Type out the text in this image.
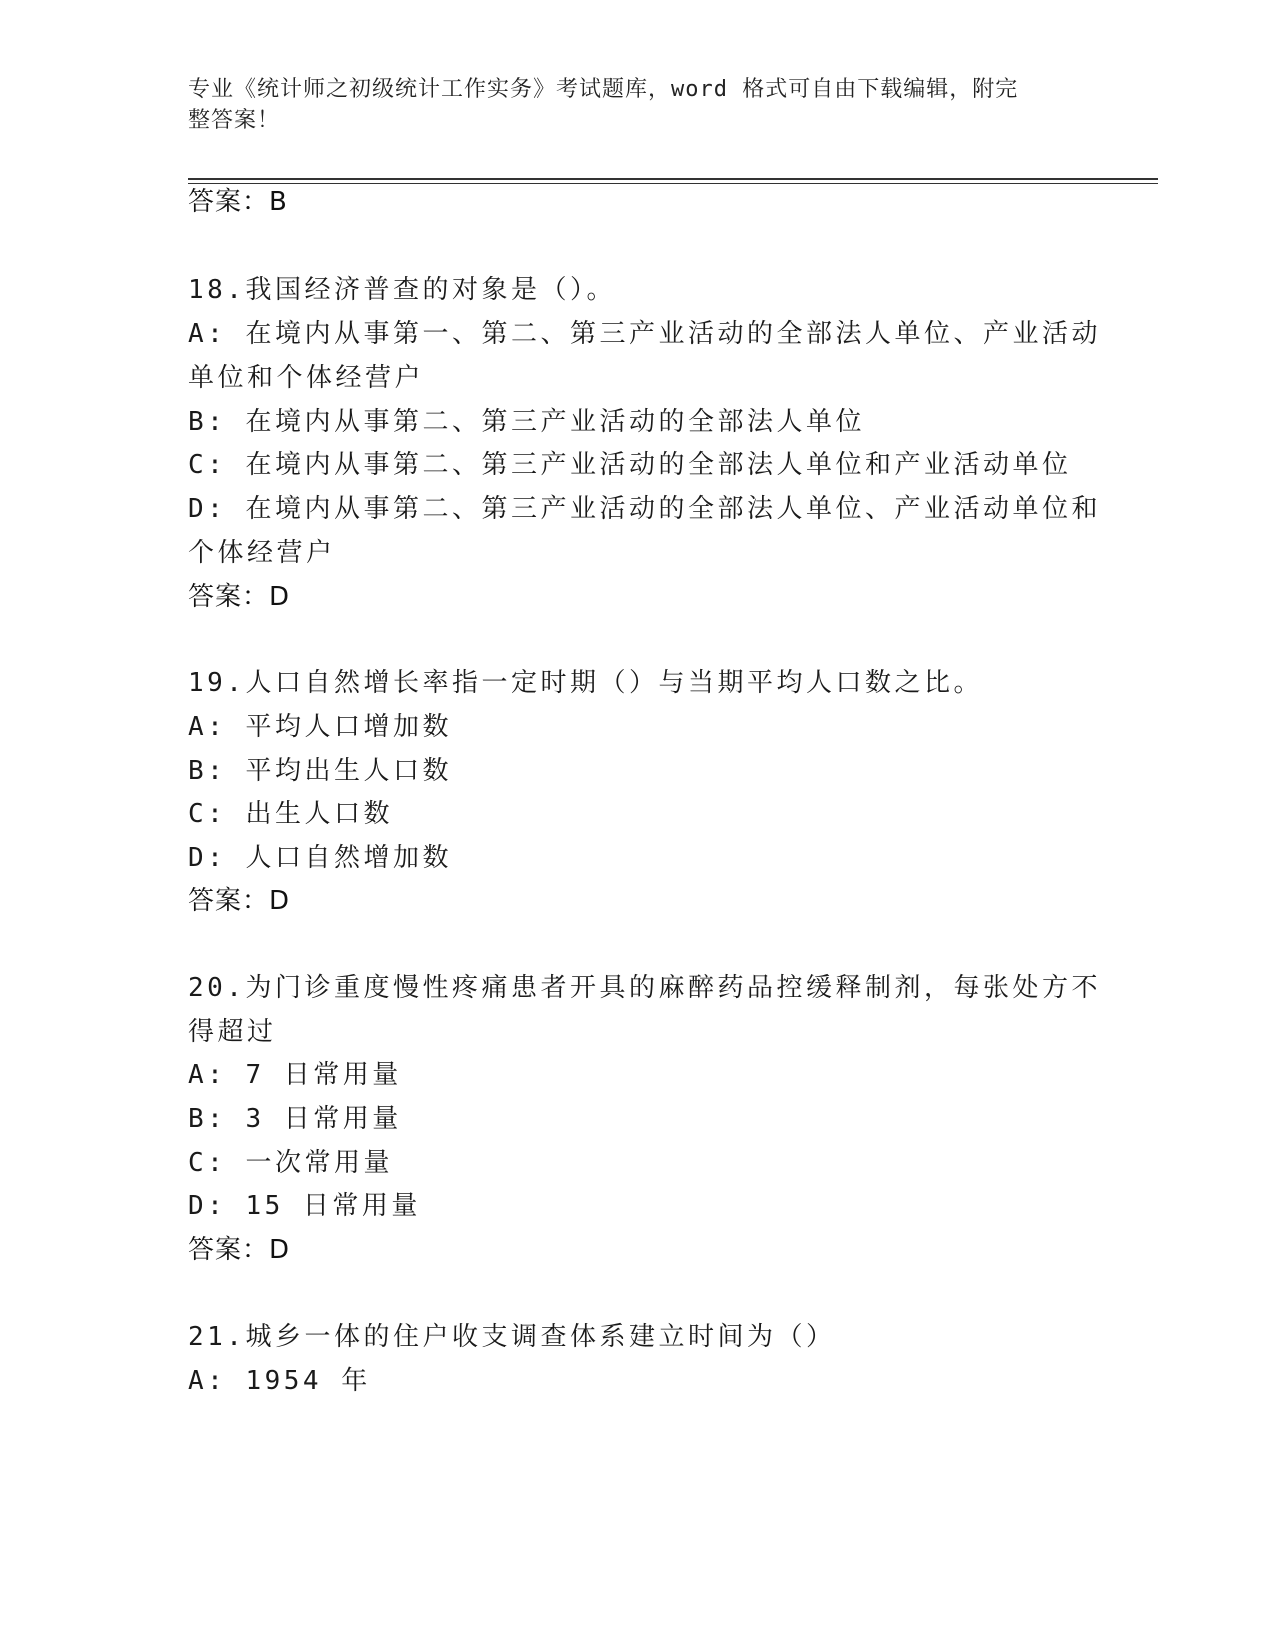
专业《统计师之初级统计工作实务》考试题库，word 格式可自由下载编辑，附完
整答案！
答案：B
18.我国经济普查的对象是（）。
A: 在境内从事第一、第二、第三产业活动的全部法人单位、产业活动
单位和个体经营户
B: 在境内从事第二、第三产业活动的全部法人单位
C: 在境内从事第二、第三产业活动的全部法人单位和产业活动单位
D: 在境内从事第二、第三产业活动的全部法人单位、产业活动单位和
个体经营户
答案：D
19.人口自然增长率指一定时期（）与当期平均人口数之比。
A: 平均人口增加数
B: 平均出生人口数
C: 出生人口数
D: 人口自然增加数
答案：D
20.为门诊重度慢性疼痛患者开具的麻醉药品控缓释制剂，每张处方不
得超过
A: 7 日常用量
B: 3 日常用量
C: 一次常用量
D: 15 日常用量
答案：D
21.城乡一体的住户收支调查体系建立时间为（）
A: 1954 年
